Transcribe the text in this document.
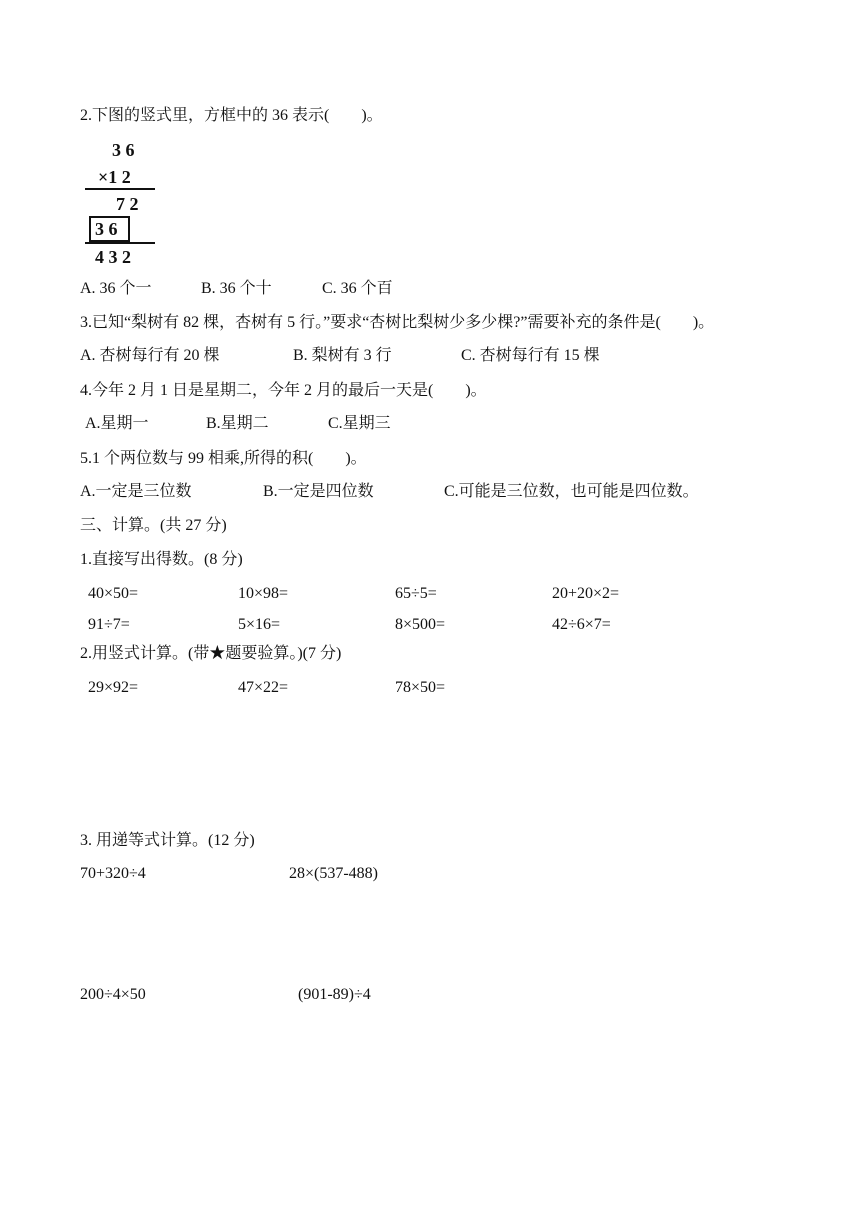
2.下图的竖式里，方框中的 36 表示(　　)。
3 6
×1 2
7 2
3 6
4 3 2
A. 36 个一	B. 36 个十	C. 36 个百
3.已知“梨树有 82 棵，杏树有 5 行。”要求“杏树比梨树少多少棵?”需要补充的条件是(　　)。
A. 杏树每行有 20 棵	B. 梨树有 3 行	C. 杏树每行有 15 棵
4.今年 2 月 1 日是星期二，今年 2 月的最后一天是(　　)。
A.星期一	B.星期二	C.星期三
5.1 个两位数与 99 相乘,所得的积(　　)。
A.一定是三位数	B.一定是四位数	C.可能是三位数，也可能是四位数。
三、计算。(共 27 分)
1.直接写出得数。(8 分)
40×50=	10×98=	65÷5=	20+20×2=
91÷7=	5×16=	8×500=	42÷6×7=
2.用竖式计算。(带★题要验算。)(7 分)
29×92=	47×22=	78×50=
3. 用递等式计算。(12 分)
70+320÷4	28×(537-488)
200÷4×50	(901-89)÷4
